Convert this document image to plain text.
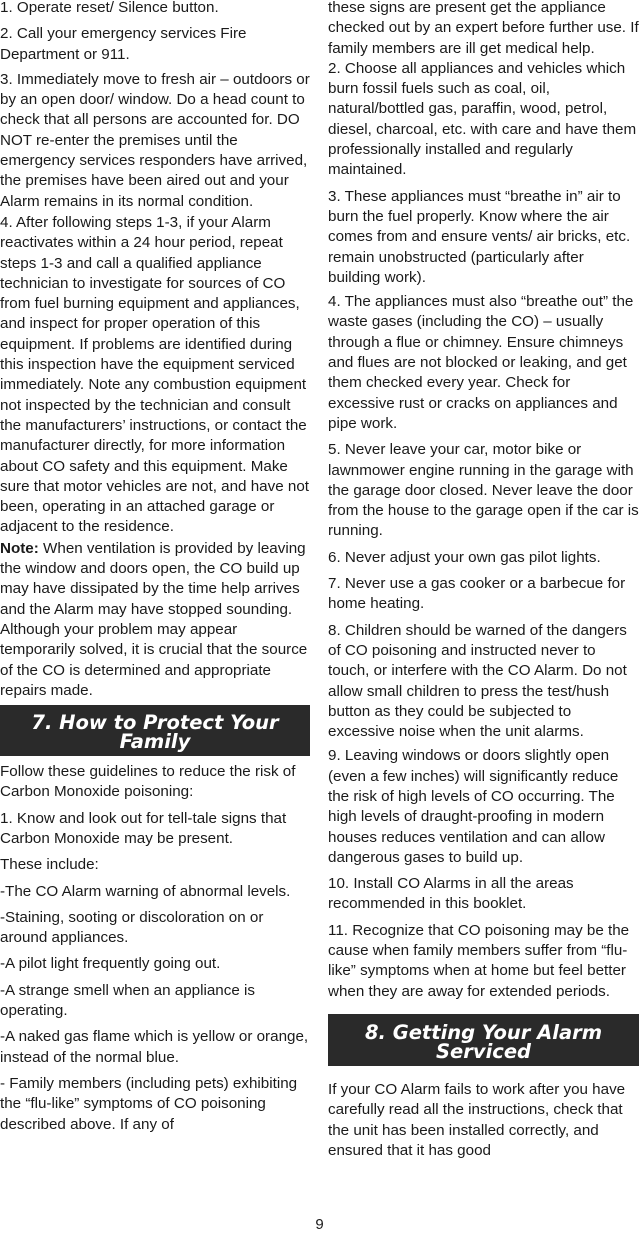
1. Operate reset/ Silence button.

2. Call your emergency services Fire Department or 911.

3. Immediately move to fresh air – outdoors or by an open door/ window. Do a head count to check that all persons are accounted for. DO NOT re-enter the premises until the emergency services responders have arrived, the premises have been aired out and your Alarm remains in its normal condition.

4. After following steps 1-3, if your Alarm reactivates within a 24 hour period, repeat steps 1-3 and call a qualified appliance technician to investigate for sources of CO from fuel burning equipment and appliances, and inspect for proper operation of this equipment. If problems are identified during this inspection have the equipment serviced immediately. Note any combustion equipment not inspected by the technician and consult the manufacturers’ instructions, or contact the manufacturer directly, for more information about CO safety and this equipment. Make sure that motor vehicles are not, and have not been, operating in an attached garage or adjacent to the residence.

Note: When ventilation is provided by leaving the window and doors open, the CO build up may have dissipated by the time help arrives and the Alarm may have stopped sounding. Although your problem may appear temporarily solved, it is crucial that the source of the CO is determined and appropriate repairs made.

7. How to Protect Your
Family

Follow these guidelines to reduce the risk of Carbon Monoxide poisoning:

1. Know and look out for tell-tale signs that Carbon Monoxide may be present.

These include:

-The CO Alarm warning of abnormal levels.

-Staining, sooting or discoloration on or around appliances.

-A pilot light frequently going out.

-A strange smell when an appliance is operating.

-A naked gas flame which is yellow or orange, instead of the normal blue.

- Family members (including pets) exhibiting the “flu-like” symptoms of CO poisoning described above. If any of

these signs are present get the appliance checked out by an expert before further use. If family members are ill get medical help.

2. Choose all appliances and vehicles which burn fossil fuels such as coal, oil, natural/bottled gas, paraffin, wood, petrol, diesel, charcoal, etc. with care and have them professionally installed and regularly maintained.

3. These appliances must “breathe in” air to burn the fuel properly. Know where the air comes from and ensure vents/ air bricks, etc. remain unobstructed (particularly after building work).

4. The appliances must also “breathe out” the waste gases (including the CO) – usually through a flue or chimney. Ensure chimneys and flues are not blocked or leaking, and get them checked every year. Check for excessive rust or cracks on appliances and pipe work.

5. Never leave your car, motor bike or lawnmower engine running in the garage with the garage door closed. Never leave the door from the house to the garage open if the car is running.

6. Never adjust your own gas pilot lights.

7. Never use a gas cooker or a barbecue for home heating.

8. Children should be warned of the dangers of CO poisoning and instructed never to touch, or interfere with the CO Alarm. Do not allow small children to press the test/hush button as they could be subjected to excessive noise when the unit alarms.

9. Leaving windows or doors slightly open (even a few inches) will significantly reduce the risk of high levels of CO occurring. The high levels of draught-proofing in modern houses reduces ventilation and can allow dangerous gases to build up.

10. Install CO Alarms in all the areas recommended in this booklet.

11. Recognize that CO poisoning may be the cause when family members suffer from “flu-like” symptoms when at home but feel better when they are away for extended periods.

8. Getting Your Alarm
Serviced

If your CO Alarm fails to work after you have carefully read all the instructions, check that the unit has been installed correctly, and ensured that it has good

9
